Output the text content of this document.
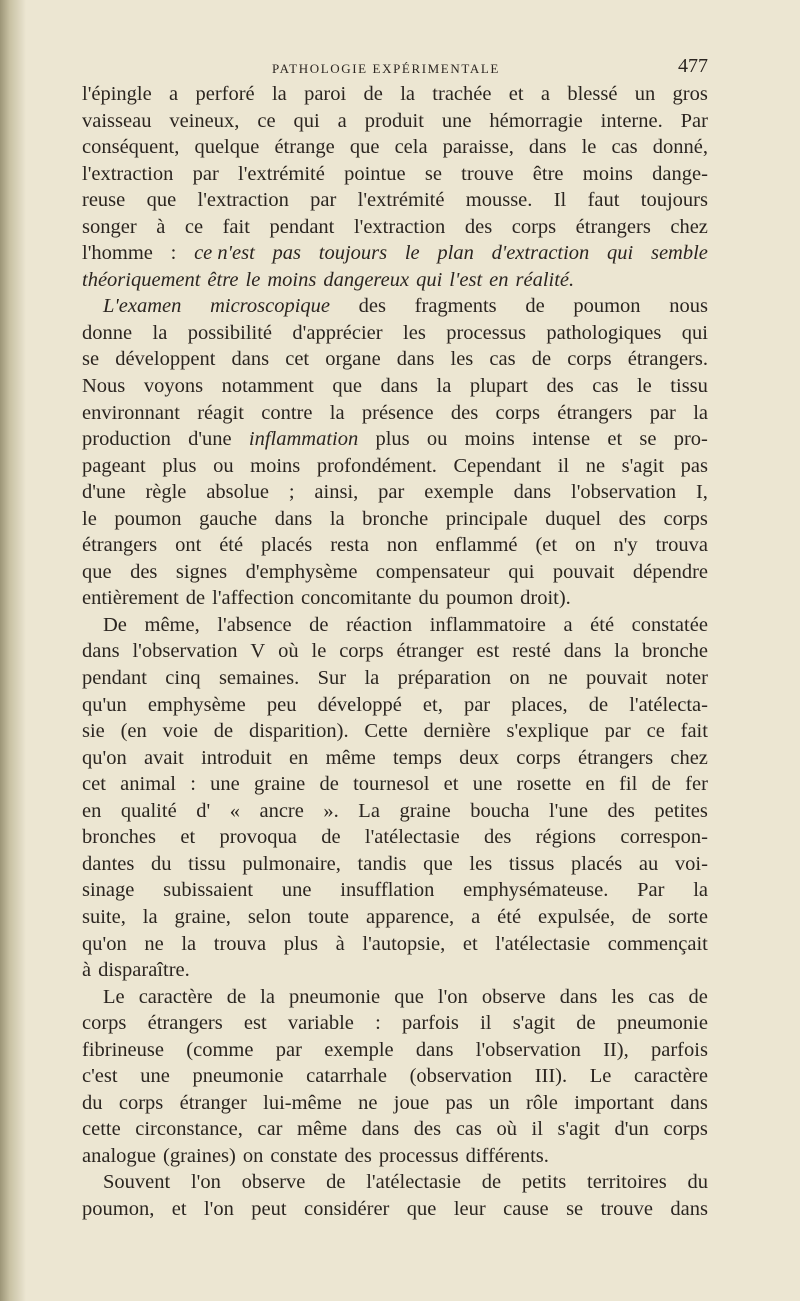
PATHOLOGIE EXPÉRIMENTALE	477
l'épingle a perforé la paroi de la trachée et a blessé un gros
vaisseau veineux, ce qui a produit une hémorragie interne. Par
conséquent, quelque étrange que cela paraisse, dans le cas donné,
l'extraction par l'extrémité pointue se trouve être moins dange-
reuse que l'extraction par l'extrémité mousse. Il faut toujours
songer à ce fait pendant l'extraction des corps étrangers chez
l'homme : ce n'est pas toujours le plan d'extraction qui semble
théoriquement être le moins dangereux qui l'est en réalité.
L'examen microscopique des fragments de poumon nous
donne la possibilité d'apprécier les processus pathologiques qui
se développent dans cet organe dans les cas de corps étrangers.
Nous voyons notamment que dans la plupart des cas le tissu
environnant réagit contre la présence des corps étrangers par la
production d'une inflammation plus ou moins intense et se pro-
pageant plus ou moins profondément. Cependant il ne s'agit pas
d'une règle absolue ; ainsi, par exemple dans l'observation I,
le poumon gauche dans la bronche principale duquel des corps
étrangers ont été placés resta non enflammé (et on n'y trouva
que des signes d'emphysème compensateur qui pouvait dépendre
entièrement de l'affection concomitante du poumon droit).
De même, l'absence de réaction inflammatoire a été constatée
dans l'observation V où le corps étranger est resté dans la bronche
pendant cinq semaines. Sur la préparation on ne pouvait noter
qu'un emphysème peu développé et, par places, de l'atélecta-
sie (en voie de disparition). Cette dernière s'explique par ce fait
qu'on avait introduit en même temps deux corps étrangers chez
cet animal : une graine de tournesol et une rosette en fil de fer
en qualité d' « ancre ». La graine boucha l'une des petites
bronches et provoqua de l'atélectasie des régions correspon-
dantes du tissu pulmonaire, tandis que les tissus placés au voi-
sinage subissaient une insufflation emphysémateuse. Par la
suite, la graine, selon toute apparence, a été expulsée, de sorte
qu'on ne la trouva plus à l'autopsie, et l'atélectasie commençait
à disparaître.
Le caractère de la pneumonie que l'on observe dans les cas de
corps étrangers est variable : parfois il s'agit de pneumonie
fibrineuse (comme par exemple dans l'observation II), parfois
c'est une pneumonie catarrhale (observation III). Le caractère
du corps étranger lui-même ne joue pas un rôle important dans
cette circonstance, car même dans des cas où il s'agit d'un corps
analogue (graines) on constate des processus différents.
Souvent l'on observe de l'atélectasie de petits territoires du
poumon, et l'on peut considérer que leur cause se trouve dans
